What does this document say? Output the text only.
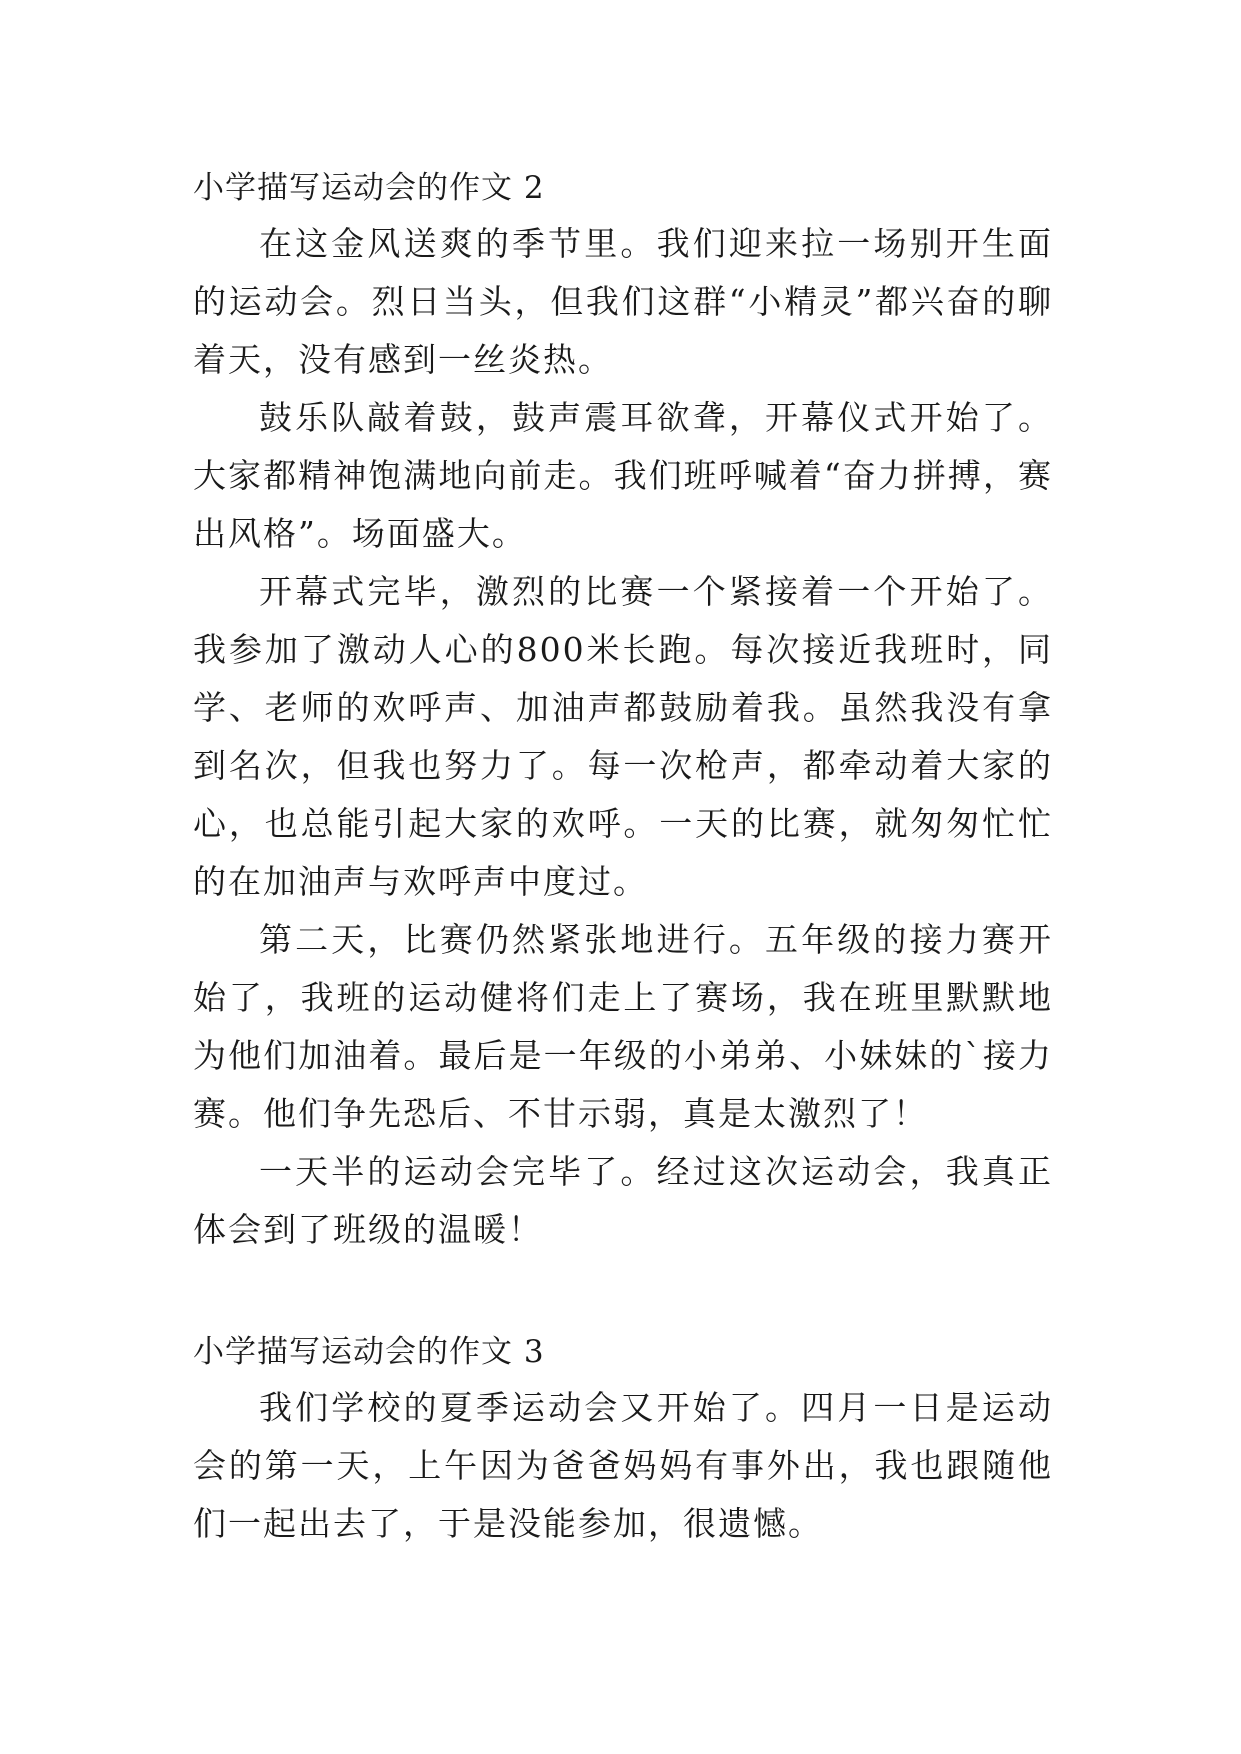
小学描写运动会的作文 2

在这金风送爽的季节里。我们迎来拉一场别开生面的运动会。烈日当头，但我们这群“小精灵”都兴奋的聊着天，没有感到一丝炎热。

鼓乐队敲着鼓，鼓声震耳欲聋，开幕仪式开始了。大家都精神饱满地向前走。我们班呼喊着“奋力拼搏，赛出风格”。场面盛大。

开幕式完毕，激烈的比赛一个紧接着一个开始了。我参加了激动人心的800米长跑。每次接近我班时，同学、老师的欢呼声、加油声都鼓励着我。虽然我没有拿到名次，但我也努力了。每一次枪声，都牵动着大家的心，也总能引起大家的欢呼。一天的比赛，就匆匆忙忙的在加油声与欢呼声中度过。

第二天，比赛仍然紧张地进行。五年级的接力赛开始了，我班的运动健将们走上了赛场，我在班里默默地为他们加油着。最后是一年级的小弟弟、小妹妹的`接力赛。他们争先恐后、不甘示弱，真是太激烈了！

一天半的运动会完毕了。经过这次运动会，我真正体会到了班级的温暖！

小学描写运动会的作文 3

我们学校的夏季运动会又开始了。四月一日是运动会的第一天，上午因为爸爸妈妈有事外出，我也跟随他们一起出去了，于是没能参加，很遗憾。
